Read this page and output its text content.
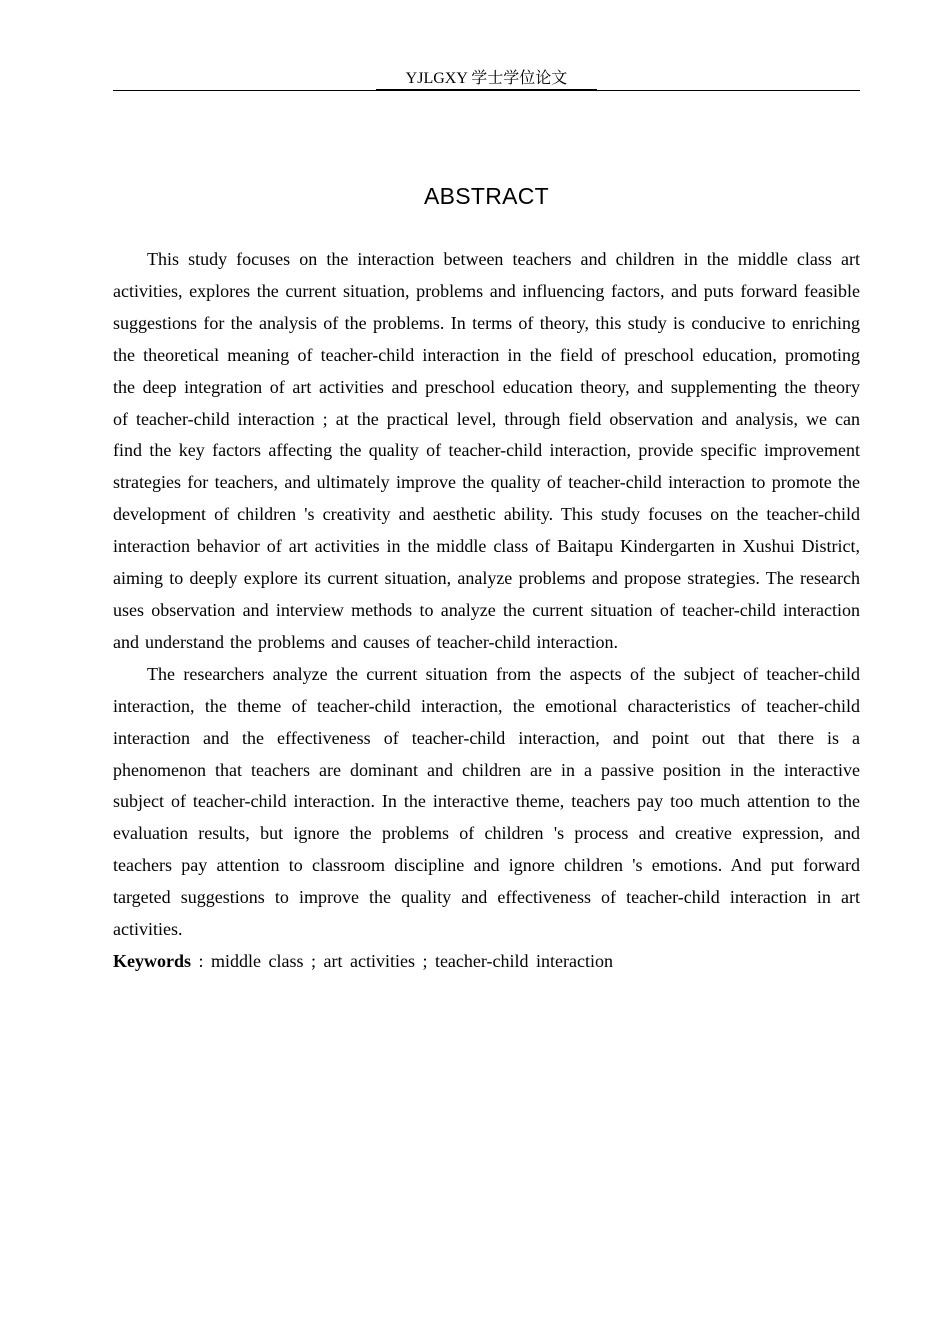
YJLGXY 学士学位论文
ABSTRACT

This study focuses on the interaction between teachers and children in the middle class art activities, explores the current situation, problems and influencing factors, and puts forward feasible suggestions for the analysis of the problems. In terms of theory, this study is conducive to enriching the theoretical meaning of teacher-child interaction in the field of preschool education, promoting the deep integration of art activities and preschool education theory, and supplementing the theory of teacher-child interaction ; at the practical level, through field observation and analysis, we can find the key factors affecting the quality of teacher-child interaction, provide specific improvement strategies for teachers, and ultimately improve the quality of teacher-child interaction to promote the development of children 's creativity and aesthetic ability. This study focuses on the teacher-child interaction behavior of art activities in the middle class of Baitapu Kindergarten in Xushui District, aiming to deeply explore its current situation, analyze problems and propose strategies. The research uses observation and interview methods to analyze the current situation of teacher-child interaction and understand the problems and causes of teacher-child interaction.

The researchers analyze the current situation from the aspects of the subject of teacher-child interaction, the theme of teacher-child interaction, the emotional characteristics of teacher-child interaction and the effectiveness of teacher-child interaction, and point out that there is a phenomenon that teachers are dominant and children are in a passive position in the interactive subject of teacher-child interaction. In the interactive theme, teachers pay too much attention to the evaluation results, but ignore the problems of children 's process and creative expression, and teachers pay attention to classroom discipline and ignore children 's emotions. And put forward targeted suggestions to improve the quality and effectiveness of teacher-child interaction in art activities.

Keywords : middle class ; art activities ; teacher-child interaction
